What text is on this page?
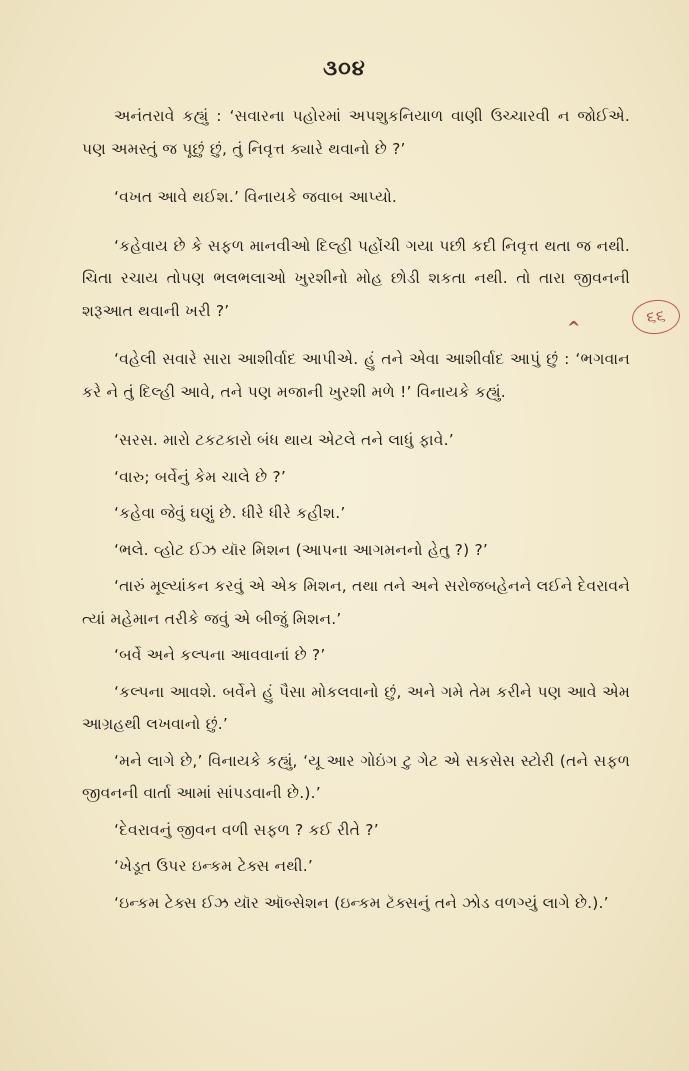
૩૦૪

અનંતરાવે કહ્યું : ‘સવારના પહોરમાં અપશુકનિયાળ વાણી ઉચ્ચારવી ન જોઈએ. પણ અમસ્તું જ પૂછું છું, તું નિવૃત્ત ક્યારે થવાનો છે ?’

‘વખત આવે થઈશ.’ વિનાયકે જવાબ આપ્યો.

‘કહેવાય છે કે સફળ માનવીઓ દિલ્હી પહોંચી ગયા પછી કદી નિવૃત્ત થતા જ નથી. ચિતા રચાય તોપણ ભલભલાઓ ખુરશીનો મોહ છોડી શકતા નથી. તો તારા જીવનની શરૂઆત થવાની ખરી ?’

‘વહેલી સવારે સારા આશીર્વાદ આપીએ. હું તને એવા આશીર્વાદ આપું છું : ‘ભગવાન કરે ને તું દિલ્હી આવે, તને પણ મજાની ખુરશી મળે !’ વિનાયકે કહ્યું.

‘સરસ. મારો ટકટકારો બંધ થાય એટલે તને લાધું ફાવે.’

‘વારુ; બર્વેનું કેમ ચાલે છે ?’

‘કહેવા જેવું ઘણું છે. ધીરે ધીરે કહીશ.’

‘ભલે. વ્હોટ ઈઝ યૉર મિશન (આપના આગમનનો હેતુ ?) ?’

‘તારું મૂલ્યાંકન કરવું એ એક મિશન, તથા તને અને સરોજબહેનને લઈને દેવરાવને ત્યાં મહેમાન તરીકે જવું એ બીજું મિશન.’

‘બર્વે અને કલ્પના આવવાનાં છે ?’

‘કલ્પના આવશે. બર્વેને હું પૈસા મોકલવાનો છું, અને ગમે તેમ કરીને પણ આવે એમ આગ્રહથી લખવાનો છું.’

‘મને લાગે છે,’ વિનાયકે કહ્યું, ‘યૂ આર ગોઇંગ ટુ ગેટ એ સકસેસ સ્ટોરી (તને સફળ જીવનની વાર્તા આમાં સાંપડવાની છે.).’

‘દેવરાવનું જીવન વળી સફળ ? કઈ રીતે ?’

‘ખેડૂત ઉપર ઇન્કમ ટેક્સ નથી.’

‘ઇન્કમ ટેક્સ ઈઝ યૉર ઑબ્સેશન (ઇન્કમ ટૅક્સનું તને ઝોડ વળગ્યું લાગે છે.).’

^	૬૬
